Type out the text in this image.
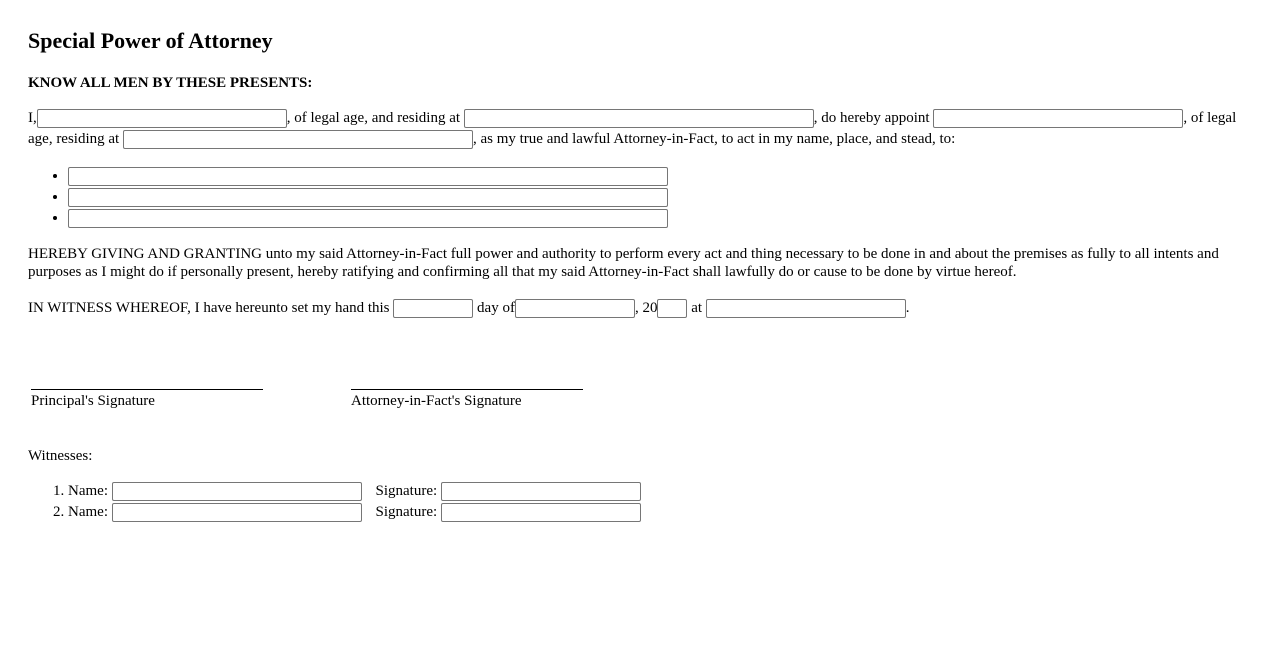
Special Power of Attorney
KNOW ALL MEN BY THESE PRESENTS:
I,	, of legal age, and residing at	, do hereby appoint	, of legal age, residing at	, as my true and lawful Attorney-in-Fact, to act in my name, place, and stead, to:
•
•
•
HEREBY GIVING AND GRANTING unto my said Attorney-in-Fact full power and authority to perform every act and thing necessary to be done in and about the premises as fully to all intents and purposes as I might do if personally present, hereby ratifying and confirming all that my said Attorney-in-Fact shall lawfully do or cause to be done by virtue hereof.
IN WITNESS WHEREOF, I have hereunto set my hand this	day of	, 20 at	.
Principal's Signature	Attorney-in-Fact's Signature
Witnesses:
1. Name:	Signature:
2. Name:	Signature:
